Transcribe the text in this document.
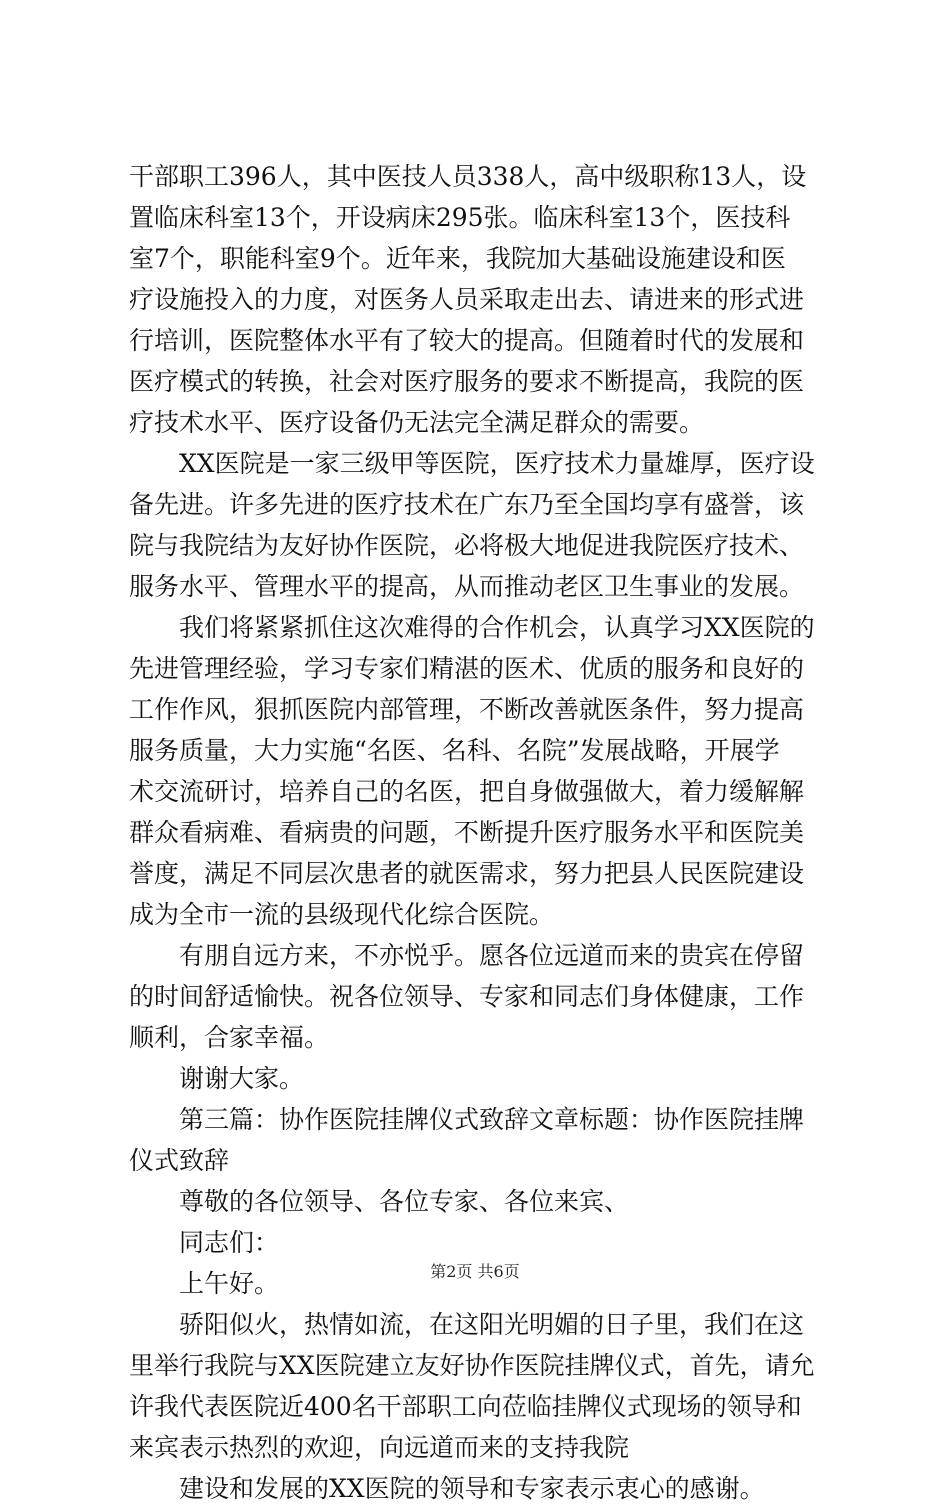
干部职工396人，其中医技人员338人，高中级职称13人，设
置临床科室13个，开设病床295张。临床科室13个，医技科
室7个，职能科室9个。近年来，我院加大基础设施建设和医
疗设施投入的力度，对医务人员采取走出去、请进来的形式进
行培训，医院整体水平有了较大的提高。但随着时代的发展和
医疗模式的转换，社会对医疗服务的要求不断提高，我院的医
疗技术水平、医疗设备仍无法完全满足群众的需要。
XX医院是一家三级甲等医院，医疗技术力量雄厚，医疗设
备先进。许多先进的医疗技术在广东乃至全国均享有盛誉，该
院与我院结为友好协作医院，必将极大地促进我院医疗技术、
服务水平、管理水平的提高，从而推动老区卫生事业的发展。
我们将紧紧抓住这次难得的合作机会，认真学习XX医院的
先进管理经验，学习专家们精湛的医术、优质的服务和良好的
工作作风，狠抓医院内部管理，不断改善就医条件，努力提高
服务质量，大力实施“名医、名科、名院”发展战略，开展学
术交流研讨，培养自己的名医，把自身做强做大，着力缓解解
群众看病难、看病贵的问题，不断提升医疗服务水平和医院美
誉度，满足不同层次患者的就医需求，努力把县人民医院建设
成为全市一流的县级现代化综合医院。
有朋自远方来，不亦悦乎。愿各位远道而来的贵宾在停留
的时间舒适愉快。祝各位领导、专家和同志们身体健康，工作
顺利，合家幸福。
谢谢大家。
第三篇：协作医院挂牌仪式致辞文章标题：协作医院挂牌
仪式致辞
尊敬的各位领导、各位专家、各位来宾、
同志们：
上午好。
骄阳似火，热情如流，在这阳光明媚的日子里，我们在这
里举行我院与XX医院建立友好协作医院挂牌仪式，首先，请允
许我代表医院近400名干部职工向莅临挂牌仪式现场的领导和
来宾表示热烈的欢迎，向远道而来的支持我院
建设和发展的XX医院的领导和专家表示衷心的感谢。
第2页 共6页
